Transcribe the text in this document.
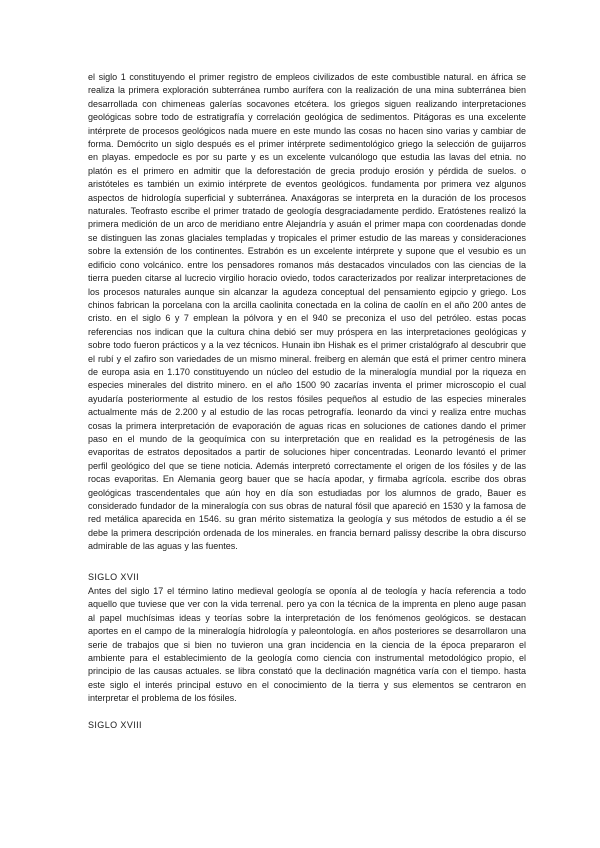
el siglo 1 constituyendo el primer registro de empleos civilizados de este combustible natural. en áfrica se realiza la primera exploración subterránea rumbo aurífera con la realización de una mina subterránea bien desarrollada con chimeneas galerías socavones etcétera. los griegos siguen realizando interpretaciones geológicas sobre todo de estratigrafía y correlación geológica de sedimentos. Pitágoras es una excelente intérprete de procesos geológicos nada muere en este mundo las cosas no hacen sino varias y cambiar de forma. Demócrito un siglo después es el primer intérprete sedimentológico griego la selección de guijarros en playas. empedocle es por su parte y es un excelente vulcanólogo que estudia las lavas del etnia. no platón es el primero en admitir que la deforestación de grecia produjo erosión y pérdida de suelos. o aristóteles es también un eximio intérprete de eventos geológicos. fundamenta por primera vez algunos aspectos de hidrología superficial y subterránea. Anaxágoras se interpreta en la duración de los procesos naturales. Teofrasto escribe el primer tratado de geología desgraciadamente perdido. Eratóstenes realizó la primera medición de un arco de meridiano entre Alejandría y asuán el primer mapa con coordenadas donde se distinguen las zonas glaciales templadas y tropicales el primer estudio de las mareas y consideraciones sobre la extensión de los continentes. Estrabón es un excelente intérprete y supone que el vesubio es un edificio cono volcánico. entre los pensadores romanos más destacados vinculados con las ciencias de la tierra pueden citarse al lucrecio virgilio horacio oviedo, todos caracterizados por realizar interpretaciones de los procesos naturales aunque sin alcanzar la agudeza conceptual del pensamiento egipcio y griego. Los chinos fabrican la porcelana con la arcilla caolinita conectada en la colina de caolín en el año 200 antes de cristo. en el siglo 6 y 7 emplean la pólvora y en el 940 se preconiza el uso del petróleo. estas pocas referencias nos indican que la cultura china debió ser muy próspera en las interpretaciones geológicas y sobre todo fueron prácticos y a la vez técnicos. Hunain ibn Hishak es el primer cristalógrafo al descubrir que el rubí y el zafiro son variedades de un mismo mineral. freiberg en alemán que está el primer centro minera de europa asia en 1.170 constituyendo un núcleo del estudio de la mineralogía mundial por la riqueza en especies minerales del distrito minero. en el año 1500 90 zacarías inventa el primer microscopio el cual ayudaría posteriormente al estudio de los restos fósiles pequeños al estudio de las especies minerales actualmente más de 2.200 y al estudio de las rocas petrografía. leonardo da vinci y realiza entre muchas cosas la primera interpretación de evaporación de aguas ricas en soluciones de cationes dando el primer paso en el mundo de la geoquímica con su interpretación que en realidad es la petrogénesis de las evaporitas de estratos depositados a partir de soluciones hiper concentradas. Leonardo levantó el primer perfil geológico del que se tiene noticia. Además interpretó correctamente el origen de los fósiles y de las rocas evaporitas. En Alemania georg bauer que se hacía apodar, y firmaba agrícola. escribe dos obras geológicas trascendentales que aún hoy en día son estudiadas por los alumnos de grado, Bauer es considerado fundador de la mineralogía con sus obras de natural fósil que apareció en 1530 y la famosa de red metálica aparecida en 1546. su gran mérito sistematiza la geología y sus métodos de estudio a él se debe la primera descripción ordenada de los minerales. en francia bernard palissy describe la obra discurso admirable de las aguas y las fuentes.

SIGLO XVII

Antes del siglo 17 el término latino medieval geología se oponía al de teología y hacía referencia a todo aquello que tuviese que ver con la vida terrenal. pero ya con la técnica de la imprenta en pleno auge pasan al papel muchísimas ideas y teorías sobre la interpretación de los fenómenos geológicos. se destacan aportes en el campo de la mineralogía hidrología y paleontología. en años posteriores se desarrollaron una serie de trabajos que si bien no tuvieron una gran incidencia en la ciencia de la época prepararon el ambiente para el establecimiento de la geología como ciencia con instrumental metodológico propio, el principio de las causas actuales. se libra constató que la declinación magnética varía con el tiempo. hasta este siglo el interés principal estuvo en el conocimiento de la tierra y sus elementos se centraron en interpretar el problema de los fósiles.

SIGLO XVIII
